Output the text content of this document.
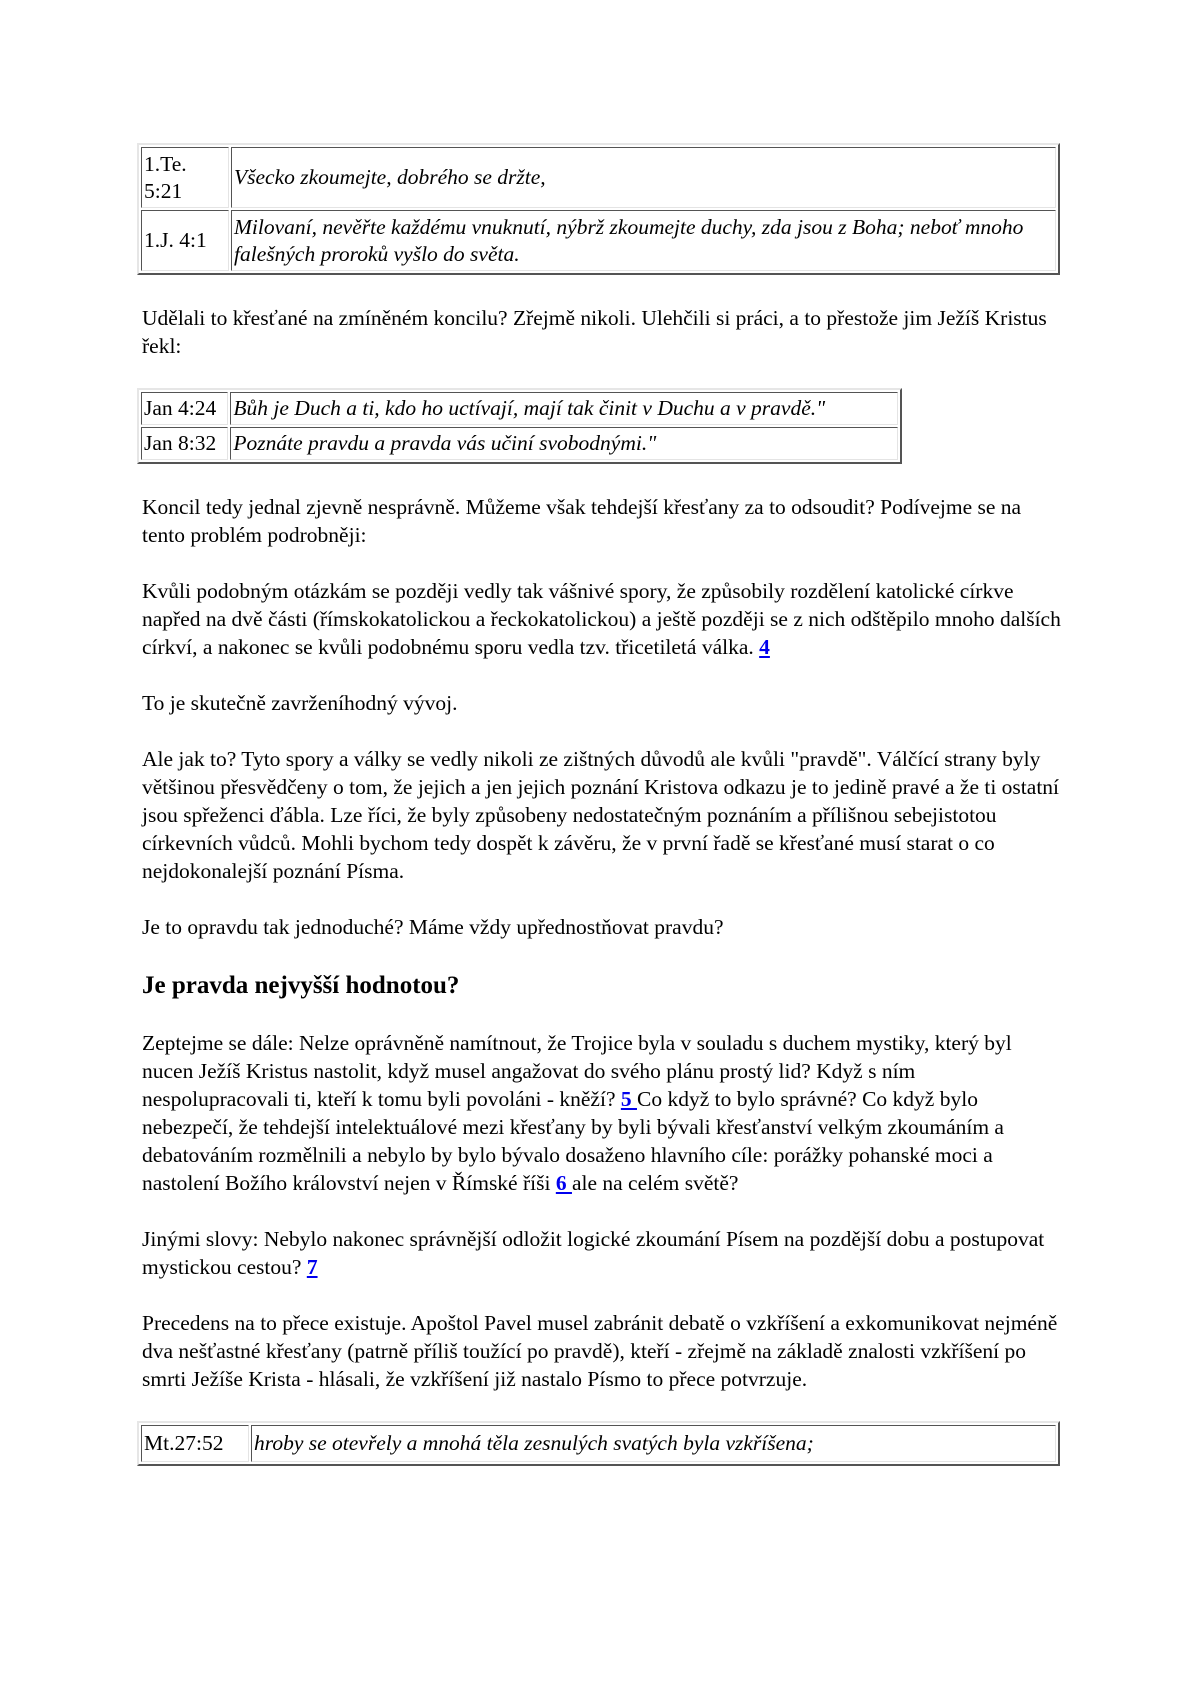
1.Te. 5:21	Všecko zkoumejte, dobrého se držte,
1.J. 4:1	Milovaní, nevěřte každému vnuknutí, nýbrž zkoumejte duchy, zda jsou z Boha; neboť mnoho falešných proroků vyšlo do světa.

Udělali to křesťané na zmíněném koncilu? Zřejmě nikoli. Ulehčili si práci, a to přestože jim Ježíš Kristus řekl:

Jan 4:24	Bůh je Duch a ti, kdo ho uctívají, mají tak činit v Duchu a v pravdě."
Jan 8:32	Poznáte pravdu a pravda vás učiní svobodnými."

Koncil tedy jednal zjevně nesprávně. Můžeme však tehdejší křesťany za to odsoudit? Podívejme se na tento problém podrobněji:

Kvůli podobným otázkám se později vedly tak vášnivé spory, že způsobily rozdělení katolické církve napřed na dvě části (římskokatolickou a řeckokatolickou) a ještě později se z nich odštěpilo mnoho dalších církví, a nakonec se kvůli podobnému sporu vedla tzv. třicetiletá válka. 4

To je skutečně zavrženíhodný vývoj.

Ale jak to? Tyto spory a války se vedly nikoli ze zištných důvodů ale kvůli "pravdě". Válčící strany byly většinou přesvědčeny o tom, že jejich a jen jejich poznání Kristova odkazu je to jedině pravé a že ti ostatní jsou spřeženci ďábla. Lze říci, že byly způsobeny nedostatečným poznáním a přílišnou sebejistotou církevních vůdců. Mohli bychom tedy dospět k závěru, že v první řadě se křesťané musí starat o co nejdokonalejší poznání Písma.

Je to opravdu tak jednoduché? Máme vždy upřednostňovat pravdu?

Je pravda nejvyšší hodnotou?

Zeptejme se dále: Nelze oprávněně namítnout, že Trojice byla v souladu s duchem mystiky, který byl nucen Ježíš Kristus nastolit, když musel angažovat do svého plánu prostý lid? Když s ním nespolupracovali ti, kteří k tomu byli povoláni - kněží? 5 Co když to bylo správné? Co když bylo nebezpečí, že tehdejší intelektuálové mezi křesťany by byli bývali křesťanství velkým zkoumáním a debatováním rozmělnili a nebylo by bylo bývalo dosaženo hlavního cíle: porážky pohanské moci a nastolení Božího království nejen v Římské říši 6 ale na celém světě?

Jinými slovy: Nebylo nakonec správnější odložit logické zkoumání Písem na pozdější dobu a postupovat mystickou cestou? 7

Precedens na to přece existuje. Apoštol Pavel musel zabránit debatě o vzkříšení a exkomunikovat nejméně dva nešťastné křesťany (patrně příliš toužící po pravdě), kteří - zřejmě na základě znalosti vzkříšení po smrti Ježíše Krista - hlásali, že vzkříšení již nastalo Písmo to přece potvrzuje.

Mt.27:52	hroby se otevřely a mnohá těla zesnulých svatých byla vzkříšena;
